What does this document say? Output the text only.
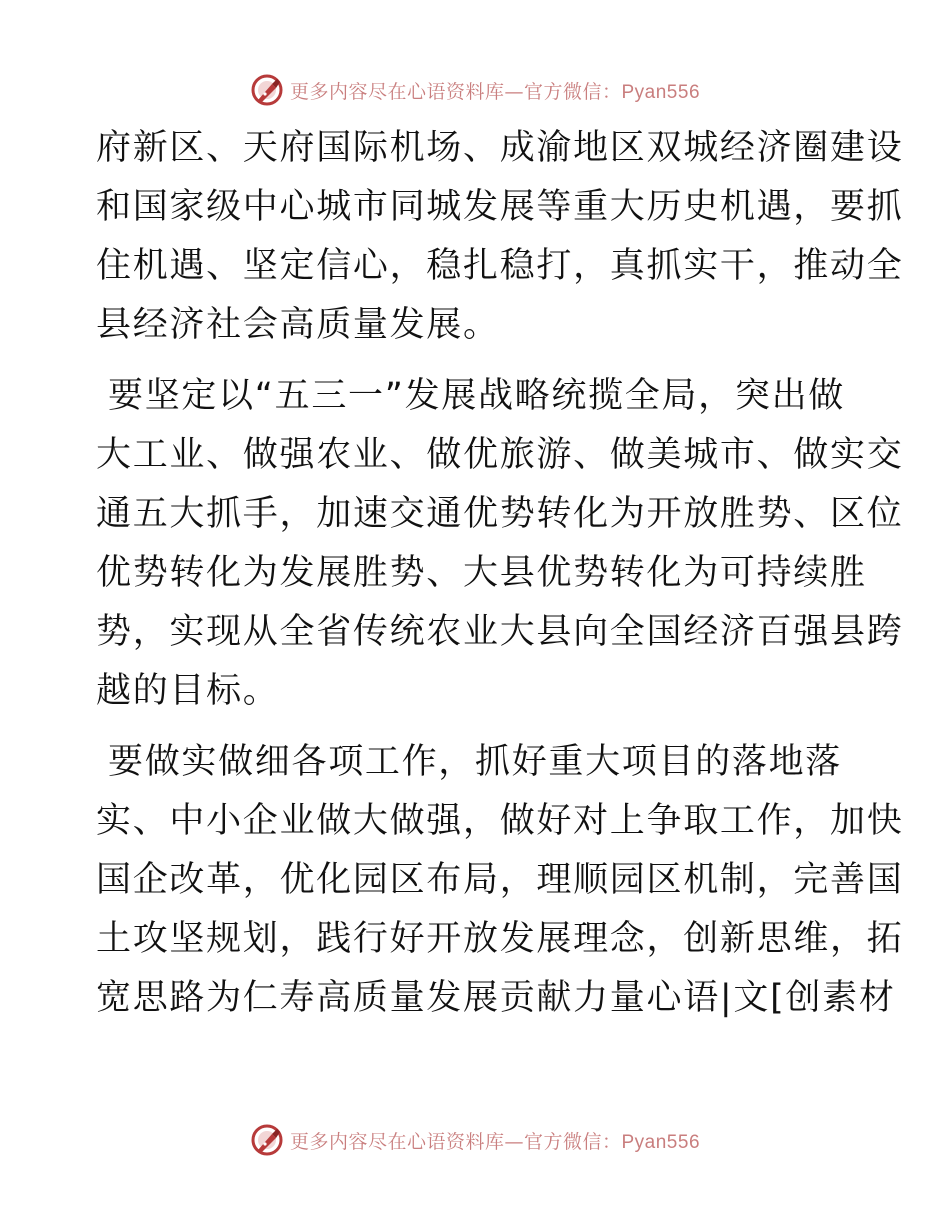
更多内容尽在心语资料库—官方微信：Pyan556
府新区、天府国际机场、成渝地区双城经济圈建设
和国家级中心城市同城发展等重大历史机遇，要抓
住机遇、坚定信心，稳扎稳打，真抓实干，推动全
县经济社会高质量发展。
要坚定以“五三一”发展战略统揽全局，突出做
大工业、做强农业、做优旅游、做美城市、做实交
通五大抓手，加速交通优势转化为开放胜势、区位
优势转化为发展胜势、大县优势转化为可持续胜
势，实现从全省传统农业大县向全国经济百强县跨
越的目标。
要做实做细各项工作，抓好重大项目的落地落
实、中小企业做大做强，做好对上争取工作，加快
国企改革，优化园区布局，理顺园区机制，完善国
土攻坚规划，践行好开放发展理念，创新思维，拓
宽思路为仁寿高质量发展贡献力量心语|文[创素材
更多内容尽在心语资料库—官方微信：Pyan556
